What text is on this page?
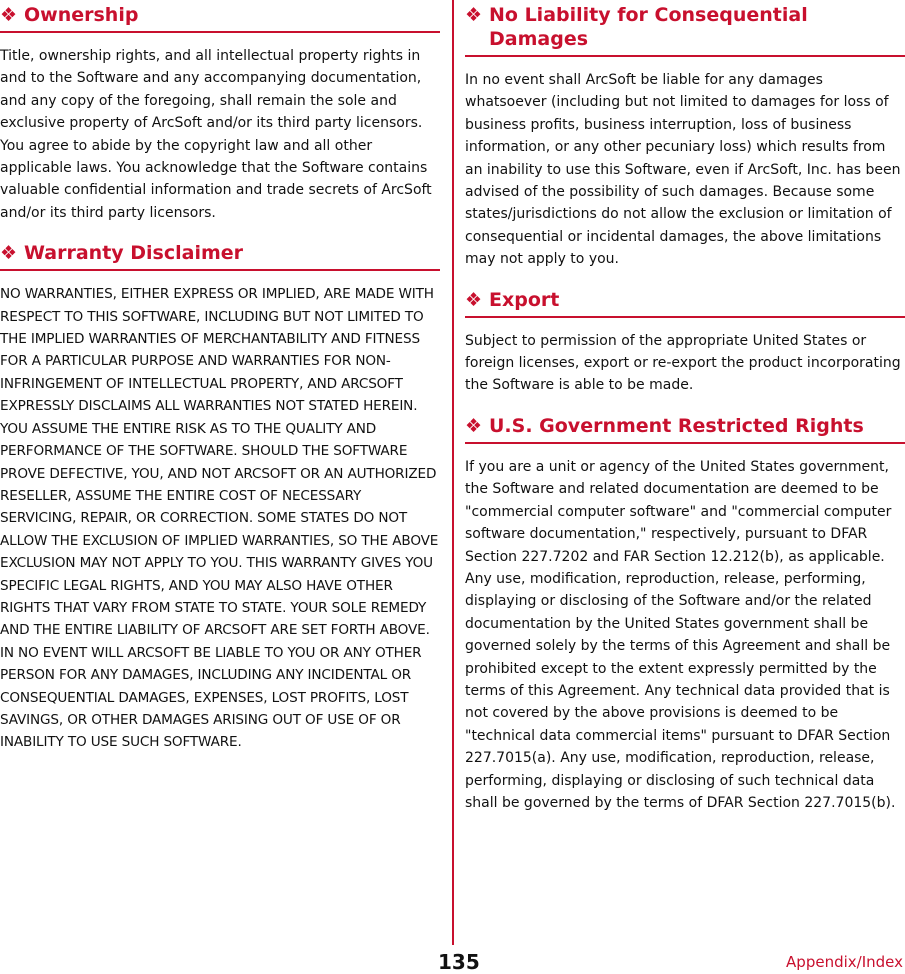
❖ Ownership

Title, ownership rights, and all intellectual property rights in and to the Software and any accompanying documentation, and any copy of the foregoing, shall remain the sole and exclusive property of ArcSoft and/or its third party licensors. You agree to abide by the copyright law and all other applicable laws. You acknowledge that the Software contains valuable confidential information and trade secrets of ArcSoft and/or its third party licensors.

❖ Warranty Disclaimer

NO WARRANTIES, EITHER EXPRESS OR IMPLIED, ARE MADE WITH RESPECT TO THIS SOFTWARE, INCLUDING BUT NOT LIMITED TO THE IMPLIED WARRANTIES OF MERCHANTABILITY AND FITNESS FOR A PARTICULAR PURPOSE AND WARRANTIES FOR NON-INFRINGEMENT OF INTELLECTUAL PROPERTY, AND ARCSOFT EXPRESSLY DISCLAIMS ALL WARRANTIES NOT STATED HEREIN. YOU ASSUME THE ENTIRE RISK AS TO THE QUALITY AND PERFORMANCE OF THE SOFTWARE. SHOULD THE SOFTWARE PROVE DEFECTIVE, YOU, AND NOT ARCSOFT OR AN AUTHORIZED RESELLER, ASSUME THE ENTIRE COST OF NECESSARY SERVICING, REPAIR, OR CORRECTION. SOME STATES DO NOT ALLOW THE EXCLUSION OF IMPLIED WARRANTIES, SO THE ABOVE EXCLUSION MAY NOT APPLY TO YOU. THIS WARRANTY GIVES YOU SPECIFIC LEGAL RIGHTS, AND YOU MAY ALSO HAVE OTHER RIGHTS THAT VARY FROM STATE TO STATE. YOUR SOLE REMEDY AND THE ENTIRE LIABILITY OF ARCSOFT ARE SET FORTH ABOVE. IN NO EVENT WILL ARCSOFT BE LIABLE TO YOU OR ANY OTHER PERSON FOR ANY DAMAGES, INCLUDING ANY INCIDENTAL OR CONSEQUENTIAL DAMAGES, EXPENSES, LOST PROFITS, LOST SAVINGS, OR OTHER DAMAGES ARISING OUT OF USE OF OR INABILITY TO USE SUCH SOFTWARE.

❖ No Liability for Consequential Damages

In no event shall ArcSoft be liable for any damages whatsoever (including but not limited to damages for loss of business profits, business interruption, loss of business information, or any other pecuniary loss) which results from an inability to use this Software, even if ArcSoft, Inc. has been advised of the possibility of such damages. Because some states/jurisdictions do not allow the exclusion or limitation of consequential or incidental damages, the above limitations may not apply to you.

❖ Export

Subject to permission of the appropriate United States or foreign licenses, export or re-export the product incorporating the Software is able to be made.

❖ U.S. Government Restricted Rights

If you are a unit or agency of the United States government, the Software and related documentation are deemed to be "commercial computer software" and "commercial computer software documentation," respectively, pursuant to DFAR Section 227.7202 and FAR Section 12.212(b), as applicable. Any use, modification, reproduction, release, performing, displaying or disclosing of the Software and/or the related documentation by the United States government shall be governed solely by the terms of this Agreement and shall be prohibited except to the extent expressly permitted by the terms of this Agreement. Any technical data provided that is not covered by the above provisions is deemed to be "technical data commercial items" pursuant to DFAR Section 227.7015(a). Any use, modification, reproduction, release, performing, displaying or disclosing of such technical data shall be governed by the terms of DFAR Section 227.7015(b).

135	Appendix/Index
